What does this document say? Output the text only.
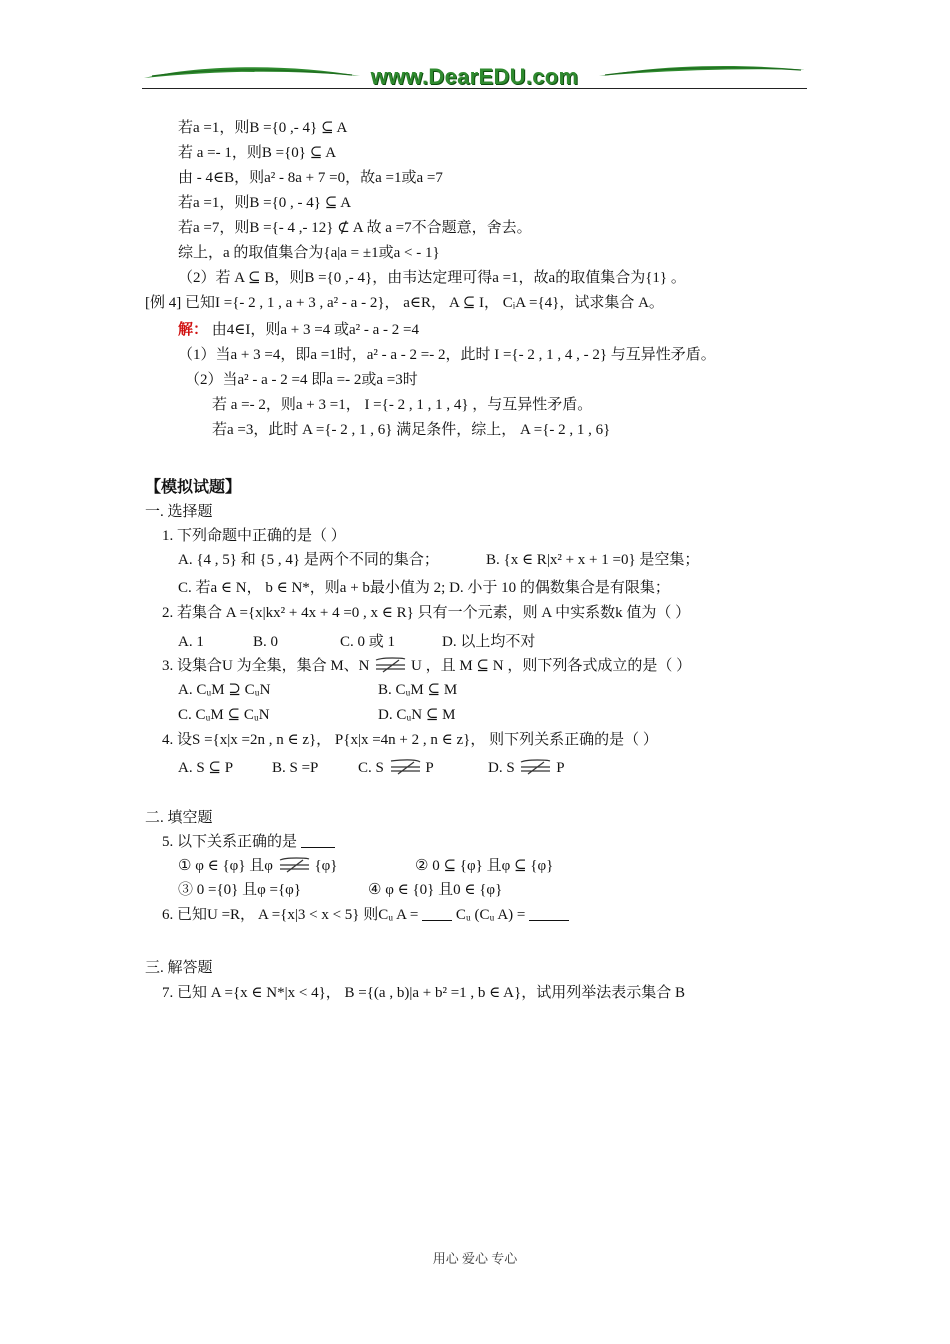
www.DearEDU.com
若a =1，则B ={0 ,- 4} ⊆ A
若 a =- 1，则B ={0} ⊆ A
由 - 4∈B，则a² - 8a + 7 =0，故a =1或a =7
若a =1，则B ={0 , - 4} ⊆ A
若a =7，则B ={- 4 ,- 12} ⊄ A 故 a =7不合题意，舍去。
综上，a 的取值集合为{a|a = ±1或a < - 1}
（2）若 A ⊆ B，则B ={0 ,- 4}，由韦达定理可得a =1，故a的取值集合为{1} 。
[例 4] 已知I ={- 2 , 1 , a + 3 , a² - a - 2}， a∈R， A ⊆ I， CᵢA ={4}，试求集合 A。
解： 由4∈I，则a + 3 =4 或a² - a - 2 =4
（1）当a + 3 =4，即a =1时，a² - a - 2 =- 2，此时 I ={- 2 , 1 , 4 , - 2} 与互异性矛盾。
（2）当a² - a - 2 =4 即a =- 2或a =3时
若 a =- 2，则a + 3 =1， I ={- 2 , 1 , 1 , 4} ，与互异性矛盾。
若a =3，此时 A ={- 2 , 1 , 6} 满足条件，综上， A ={- 2 , 1 , 6}
【模拟试题】
一. 选择题
1. 下列命题中正确的是（ ）
A. {4 , 5} 和 {5 , 4} 是两个不同的集合；	B. {x ∈ R|x² + x + 1 =0} 是空集；
C. 若a ∈ N， b ∈ N*，则a + b最小值为 2; D. 小于 10 的偶数集合是有限集；
2. 若集合 A ={x|kx² + 4x + 4 =0 , x ∈ R} 只有一个元素，则 A 中实系数k 值为（ ）
A. 1	B. 0	C. 0 或 1	D. 以上均不对
3. 设集合U 为全集，集合 M、N	U ，且 M ⊆ N ，则下列各式成立的是（ ）
A. CᵤM ⊇ CᵤN	B. CᵤM ⊆ M
C. CᵤM ⊆ CᵤN	D. CᵤN ⊆ M
4. 设S ={x|x =2n , n ∈ z}， P{x|x =4n + 2 , n ∈ z}， 则下列关系正确的是（ ）
A. S ⊆ P	B. S =P	C. S	P	D. S	P
二. 填空题
5. 以下关系正确的是
① φ ∈ {φ} 且φ	{φ}	② 0 ⊆ {φ} 且φ ⊆ {φ}
③ 0 ={0} 且φ ={φ}	④ φ ∈ {0} 且0 ∈ {φ}
6. 已知U =R， A ={x|3 < x < 5} 则Cᵤ A =	Cᵤ (Cᵤ A) =
三. 解答题
7. 已知 A ={x ∈ N*|x < 4}， B ={(a , b)|a + b² =1 , b ∈ A}，试用列举法表示集合 B
用心 爱心 专心
